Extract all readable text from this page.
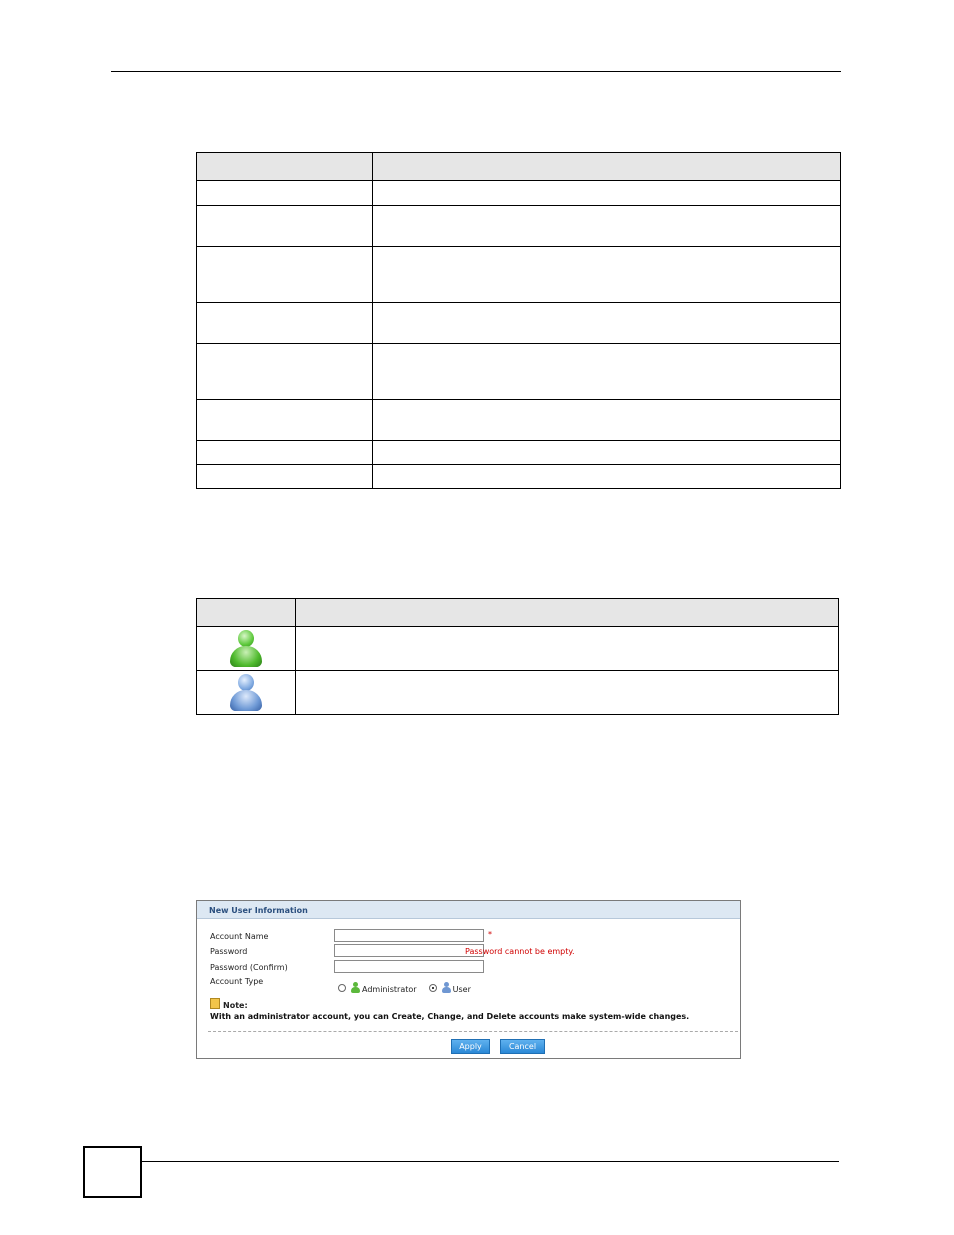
New User Information
Account Name	*
Password	Password cannot be empty.
Password (Confirm)
Account Type
Administrator	User
Note:
With an administrator account, you can Create, Change, and Delete accounts make system-wide changes.
Apply	Cancel
